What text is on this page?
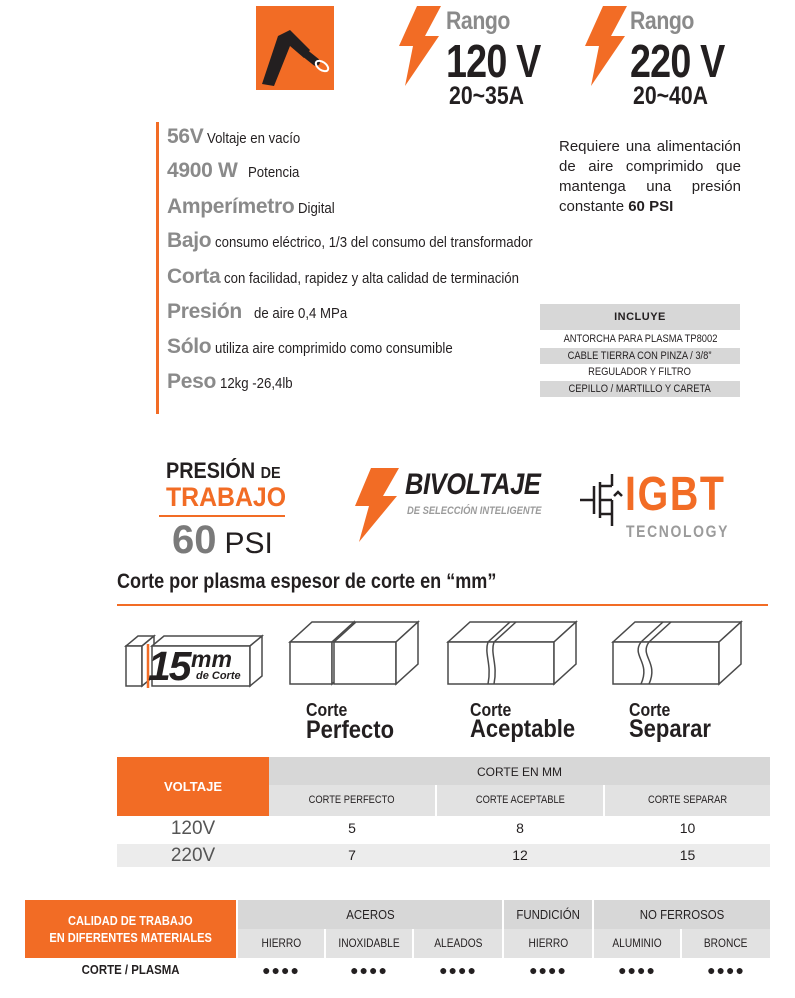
Rango
120 V
20~35A
Rango
220 V
20~40A
56V Voltaje en vacío
4900 W Potencia
Amperímetro Digital
Bajo consumo eléctrico, 1/3 del consumo del transformador
Corta con facilidad, rapidez y alta calidad de terminación
Presión de aire 0,4 MPa
Sólo utiliza aire comprimido como consumible
Peso 12kg -26,4lb
Requiere una alimentación de aire comprimido que mantenga una presión constante 60 PSI
INCLUYE
ANTORCHA PARA PLASMA TP8002
CABLE TIERRA CON PINZA / 3/8”
REGULADOR Y FILTRO
CEPILLO / MARTILLO Y CARETA
PRESIÓN DE
TRABAJO
60 PSI
BIVOLTAJE
DE SELECCIÓN INTELIGENTE IGBT
TECNOLOGY
Corte por plasma espesor de corte en “mm”
15 mm
de Corte
Corte
Perfecto
Corte
Aceptable
Corte
Separar
VOLTAJE
CORTE EN MM
CORTE PERFECTO	CORTE ACEPTABLE	CORTE SEPARAR
120V	5	8	10
220V	7	12	15
CALIDAD DE TRABAJO
EN DIFERENTES MATERIALES
ACEROS	FUNDICIÓN	NO FERROSOS
HIERRO	INOXIDABLE	ALEADOS	HIERRO	ALUMINIO	BRONCE
CORTE / PLASMA	●●●●	●●●●	●●●●	●●●●	●●●●	●●●●
